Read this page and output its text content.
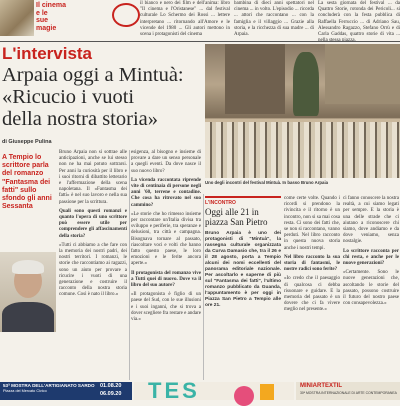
Il cinema
e le
sue
magie
il bianco e nero dei film e dell'anima: libro "Il cinema e l'Oristanese" ... dal festival culturale Lo Schermo dei Rossi ... lettere interpretano ... ritornando all'Amore e le vicende del 1980 ... Gli autori mettono in scena i protagonisti del cinema
bambina di dieci anni spettatori nel cinema ... in volto. L'episodio ... ricorda ... attori che raccontano ... con la famiglia e il villaggio ... Grazie alla storia, e la ricchezza di sua madre ... di Arpaia.
La sesta giornata del festival ... da Quattro Storie, rotonda dei Pericoli... si concluderà con la festa pubblica di Raffaella Ferruccio ... di Adriano Sau, Alessandro Ragazzo, Stefano Orrù e di Carla Gaddas, quattro storie di vita ...
L'intervista
Arpaia oggi a Mintuà:
«Ricucio i vuoti
della nostra storia»
di Giuseppe Pulina
Uno degli incontri del festival Mintuà. In basso Bruno Arpaia
A Tempio lo scrittore parla del romanzo "Fantasma dei fatti" sullo sfondo gli anni Sessanta
Bruno Arpaia non si sottrae alle anticipazioni, anche se lui stesso non ne ha mai potuto sottrarsi. Per anni la curiosità per il libro e i suoi ritorni di dibattito letterario e l'affermazione della scena napoletana. Il «Fantasma dei fatti» è nel suo lavoro e nella sua passione per la scrittura.
Quali sono questi romanzi e quanto l'opera di uno scrittore può essere utile per comprendere gli affascinamenti della storia?
«Tutti ci abbiamo a che fare con la memoria dei nostri padri, dei nostri territori. I romanzi, le storie che raccontiamo ai ragazzi, sono un aiuto per provare a ricucire i vuoti di una generazione e costruire il racconto della nostra storia comune. Così è nato il libro.»
esigenza, al bisogno e insieme di provare a dare un senso personale a quegli eventi. Da dove nasce il suo nuovo libro?
La vicenda raccontata riprende vite di centinaia di persone negli anni '60, terrene e contadine. Che cosa ha ritrovato nel suo cammino?
«Le storie che ho rimesso insieme per raccontare un'Italia divisa tra sviluppo e periferie, tra speranze e delusioni, tra città e campagna. Bisognava tornare al passato, riascoltare voci e volti che hanno fatto questo paese, le loro emozioni e le ferite ancora aperte.»
Il protagonista del romanzo vive a Tutti quei di nuovo. Dove va il libro del suo autore?
«Il protagonista è figlio di un paese del Sud, con le sue illusioni e i suoi inganni, che si trova a dover scegliere fra restare e andare via.»
L'INCONTRO
Oggi alle 21 in piazza San Pietro
Bruno Arpaia è uno dei protagonisti di "Mintuà", la rassegna culturale organizzata da Curva Damasio che, tra il 26 e il 28 agosto, porta a Tempio alcuni dei nomi eccellenti del panorama editoriale nazionale. Per ascoltarlo e saperne di più sul "Fantasma dei fatti", l'ultimo romanzo pubblicato da Guanda, l'appuntamento è per oggi in Piazza San Pietro a Tempio alle ore 21.
come certe volte. Quando i ricordi si prendono la rivincita e il ritorno è un incontro, non si sa mai cosa resta. Ci sono dei fatti che, se non si raccontano, vanno perduti. Nel libro racconto in questa nuova storia anche i nostri tempi.
Nel libro racconto la sua storia di fantasmi, le nostre radici sono ferite?
«Io credo che il paesaggio di qualcosa ci debba risuonare e guidare. E la memoria del passato è un dovere che ci fa vivere meglio nel presente.»
ci fanno conoscere la nostra realtà, a cui siamo legati per sempre. E la storia è una delle strade che ci aiutano a riconoscere chi siamo, dove andiamo e da dove veniamo, senza nostalgie.
Lo scrittore racconta per chi resta, e anche per le nuove generazioni?
«Certamente. Sono le nuove generazioni che, ascoltando le storie del passato, possono costruire il futuro del nostro paese con consapevolezza.»
53ª MOSTRA DELL'ARTIGIANATO SARDO
Piazza del Mercato Civico
01.08.20
06.09.20 TES	MINIARTEXTIL
30ª MOSTRA INTERNAZIONALE DI ARTE CONTEMPORANEA
